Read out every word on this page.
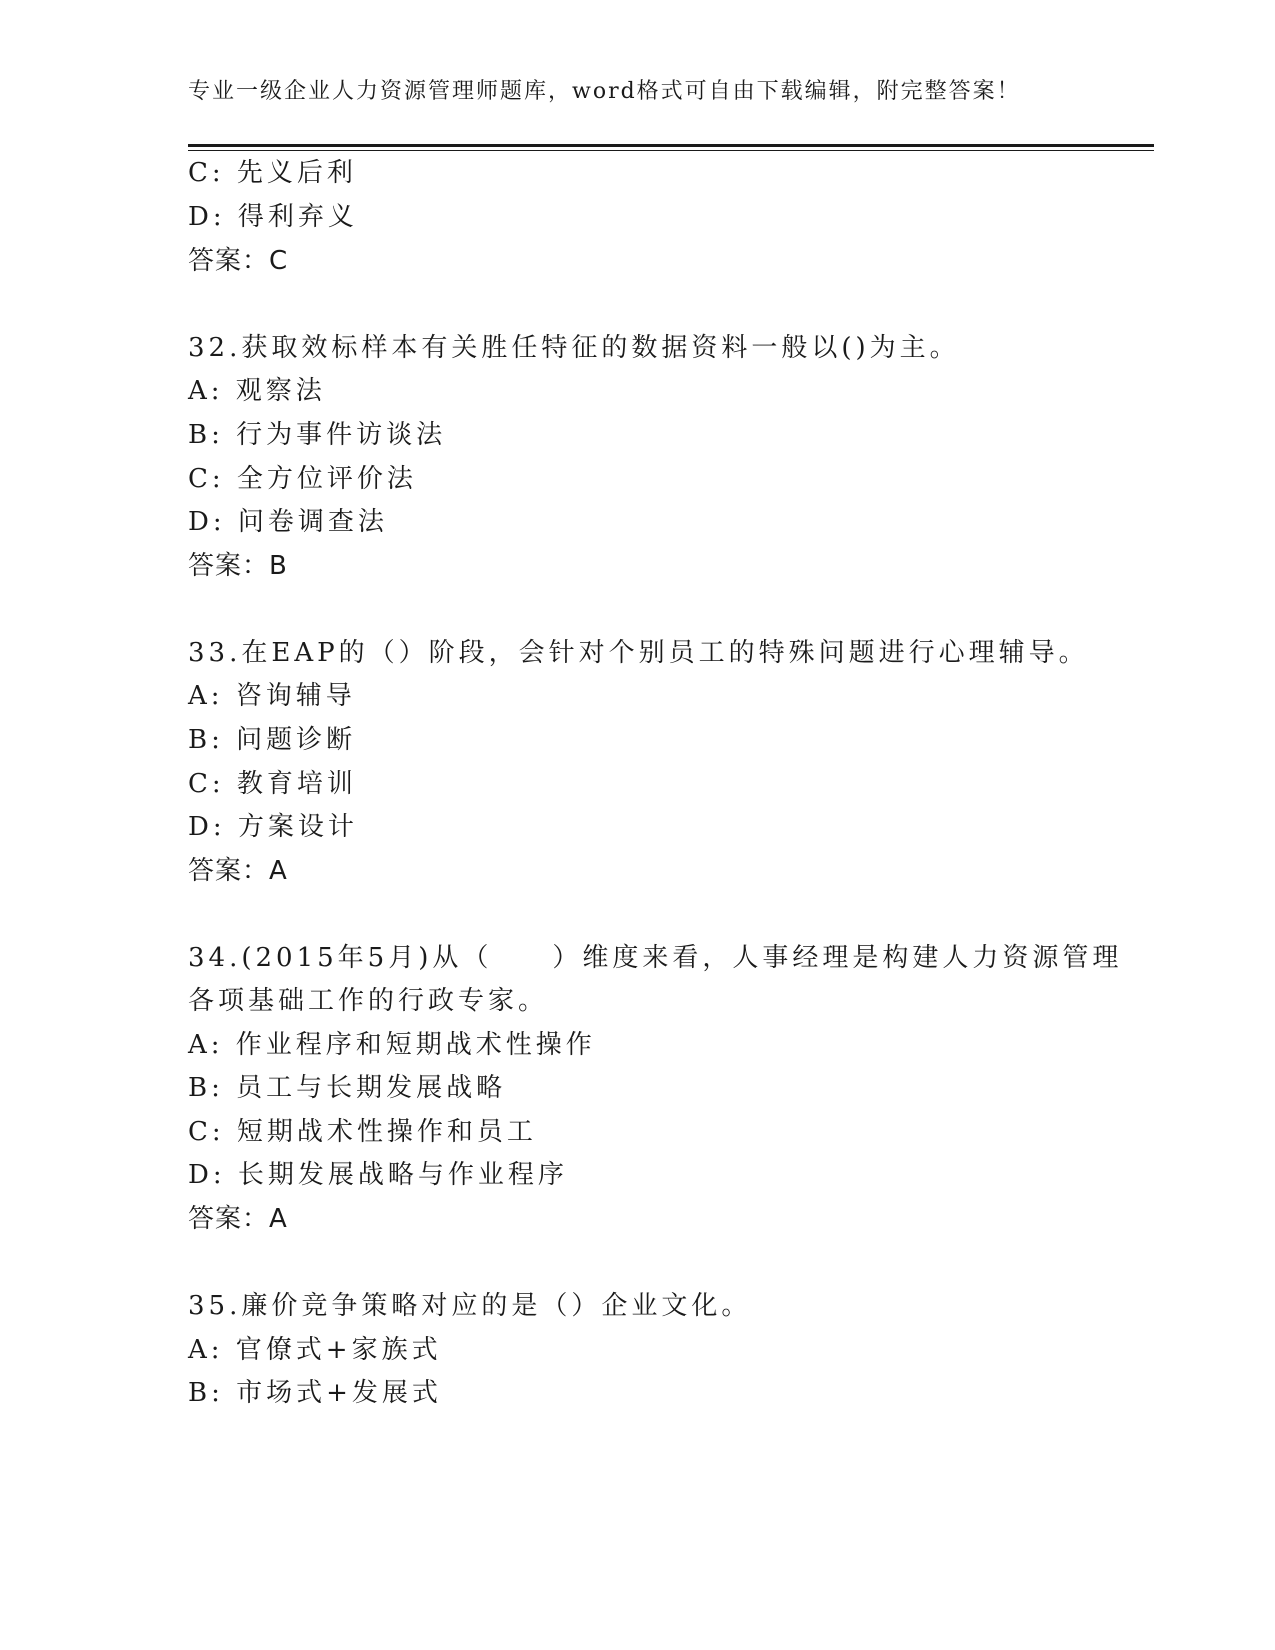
专业一级企业人力资源管理师题库，word格式可自由下载编辑，附完整答案！
C: 先义后利
D: 得利弃义
答案：C
32.获取效标样本有关胜任特征的数据资料一般以()为主。
A: 观察法
B: 行为事件访谈法
C: 全方位评价法
D: 问卷调查法
答案：B
33.在EAP的（）阶段，会针对个别员工的特殊问题进行心理辅导。
A: 咨询辅导
B: 问题诊断
C: 教育培训
D: 方案设计
答案：A
34.(2015年5月)从（　　）维度来看，人事经理是构建人力资源管理
各项基础工作的行政专家。
A: 作业程序和短期战术性操作
B: 员工与长期发展战略
C: 短期战术性操作和员工
D: 长期发展战略与作业程序
答案：A
35.廉价竞争策略对应的是（）企业文化。
A: 官僚式+家族式
B: 市场式+发展式
